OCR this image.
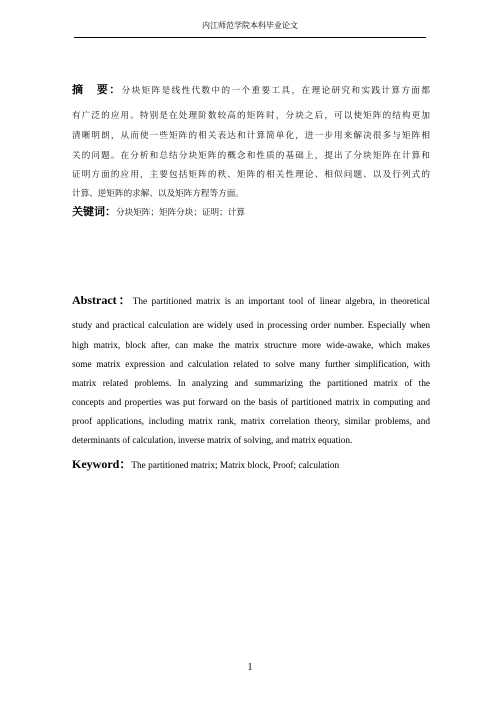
内江师范学院本科毕业论文
摘　要：分块矩阵是线性代数中的一个重要工具，在理论研究和实践计算方面都
有广泛的应用。特别是在处理阶数较高的矩阵时，分块之后，可以使矩阵的结构更加
清晰明朗，从而使一些矩阵的相关表达和计算简单化，进一步用来解决很多与矩阵相
关的问题。在分析和总结分块矩阵的概念和性质的基础上，提出了分块矩阵在计算和
证明方面的应用，主要包括矩阵的秩、矩阵的相关性理论、相似问题、以及行列式的
计算、逆矩阵的求解、以及矩阵方程等方面。
关键词：分块矩阵；矩阵分块；证明；计算
Abstract：The partitioned matrix is an important tool of linear algebra, in theoretical
study and practical calculation are widely used in processing order number. Especially when
high matrix, block after, can make the matrix structure more wide-awake, which makes
some matrix expression and calculation related to solve many further simplification, with
matrix related problems. In analyzing and summarizing the partitioned matrix of the
concepts and properties was put forward on the basis of partitioned matrix in computing and
proof applications, including matrix rank, matrix correlation theory, similar problems, and
determinants of calculation, inverse matrix of solving, and matrix equation.
Keyword：The partitioned matrix; Matrix block, Proof; calculation
1
